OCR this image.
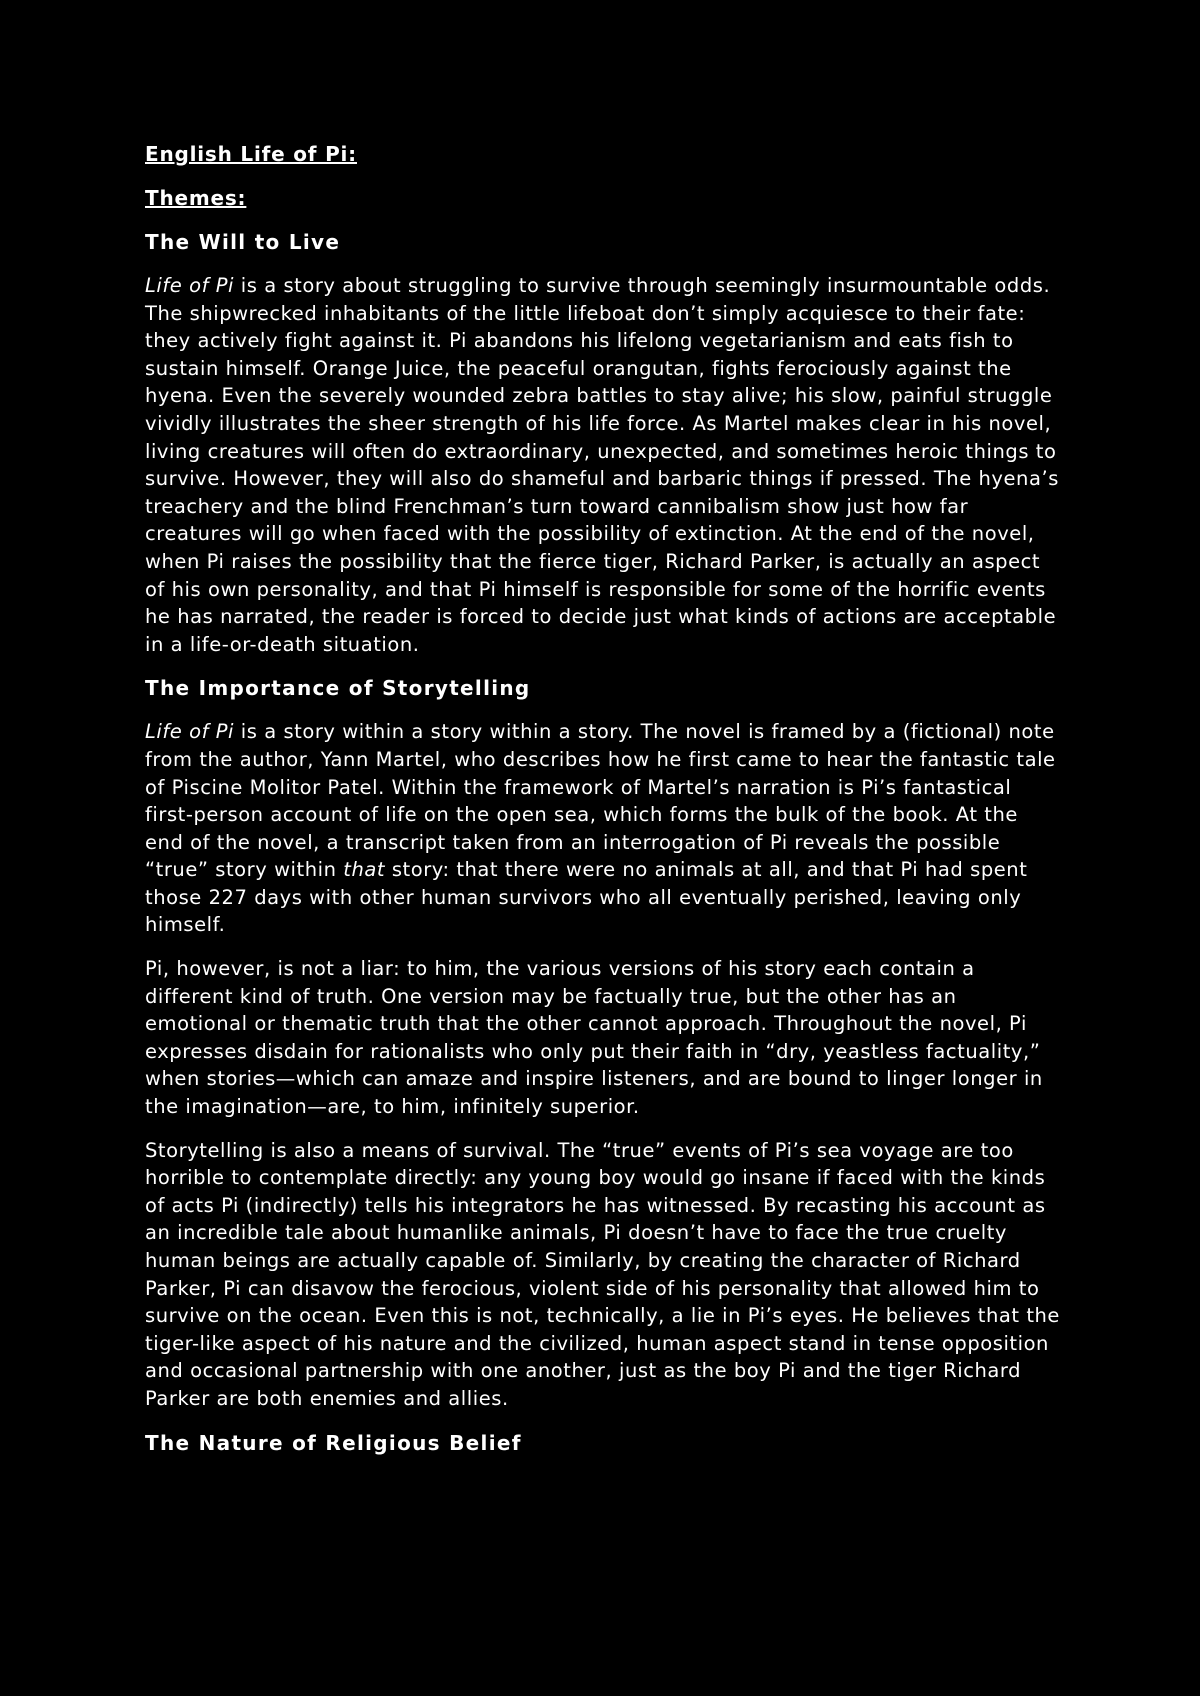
English Life of Pi:
Themes:
The Will to Live

Life of Pi is a story about struggling to survive through seemingly insurmountable odds. The shipwrecked inhabitants of the little lifeboat don’t simply acquiesce to their fate: they actively fight against it. Pi abandons his lifelong vegetarianism and eats fish to sustain himself. Orange Juice, the peaceful orangutan, fights ferociously against the hyena. Even the severely wounded zebra battles to stay alive; his slow, painful struggle vividly illustrates the sheer strength of his life force. As Martel makes clear in his novel, living creatures will often do extraordinary, unexpected, and sometimes heroic things to survive. However, they will also do shameful and barbaric things if pressed. The hyena’s treachery and the blind Frenchman’s turn toward cannibalism show just how far creatures will go when faced with the possibility of extinction. At the end of the novel, when Pi raises the possibility that the fierce tiger, Richard Parker, is actually an aspect of his own personality, and that Pi himself is responsible for some of the horrific events he has narrated, the reader is forced to decide just what kinds of actions are acceptable in a life-or-death situation.

The Importance of Storytelling

Life of Pi is a story within a story within a story. The novel is framed by a (fictional) note from the author, Yann Martel, who describes how he first came to hear the fantastic tale of Piscine Molitor Patel. Within the framework of Martel’s narration is Pi’s fantastical first-person account of life on the open sea, which forms the bulk of the book. At the end of the novel, a transcript taken from an interrogation of Pi reveals the possible “true” story within that story: that there were no animals at all, and that Pi had spent those 227 days with other human survivors who all eventually perished, leaving only himself.

Pi, however, is not a liar: to him, the various versions of his story each contain a different kind of truth. One version may be factually true, but the other has an emotional or thematic truth that the other cannot approach. Throughout the novel, Pi expresses disdain for rationalists who only put their faith in “dry, yeastless factuality,” when stories—which can amaze and inspire listeners, and are bound to linger longer in the imagination—are, to him, infinitely superior.

Storytelling is also a means of survival. The “true” events of Pi’s sea voyage are too horrible to contemplate directly: any young boy would go insane if faced with the kinds of acts Pi (indirectly) tells his integrators he has witnessed. By recasting his account as an incredible tale about humanlike animals, Pi doesn’t have to face the true cruelty human beings are actually capable of. Similarly, by creating the character of Richard Parker, Pi can disavow the ferocious, violent side of his personality that allowed him to survive on the ocean. Even this is not, technically, a lie in Pi’s eyes. He believes that the tiger-like aspect of his nature and the civilized, human aspect stand in tense opposition and occasional partnership with one another, just as the boy Pi and the tiger Richard Parker are both enemies and allies.

The Nature of Religious Belief
